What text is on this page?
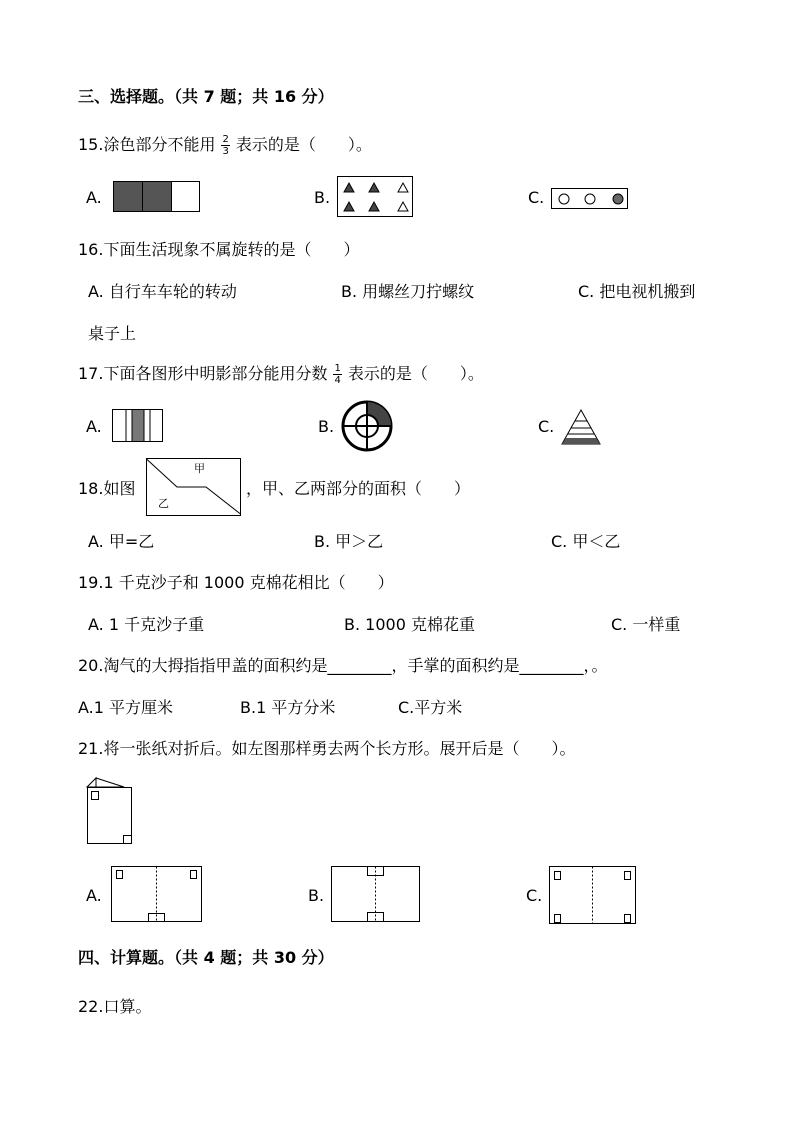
三、选择题。（共 7 题；共 16 分）
15.涂色部分不能用 $\frac{2}{3}$ 表示的是（　　）。
A.	B.	C.
16.下面生活现象不属旋转的是（　　）
A. 自行车车轮的转动	B. 用螺丝刀拧螺纹	C. 把电视机搬到
桌子上
17.下面各图形中明影部分能用分数 $\frac{1}{4}$ 表示的是（　　）。
A.	B.	C.
18.如图
甲
乙
，甲、乙两部分的面积（　　）
A. 甲=乙	B. 甲＞乙	C. 甲＜乙
19.1 千克沙子和 1000 克棉花相比（　　）
A. 1 千克沙子重	B. 1000 克棉花重	C. 一样重
20.淘气的大拇指指甲盖的面积约是________，手掌的面积约是________，。
A.1 平方厘米	B.1 平方分米	C.平方米
21.将一张纸对折后。如左图那样勇去两个长方形。展开后是（　　）。
A.	B.	C.
四、计算题。（共 4 题；共 30 分）
22.口算。
